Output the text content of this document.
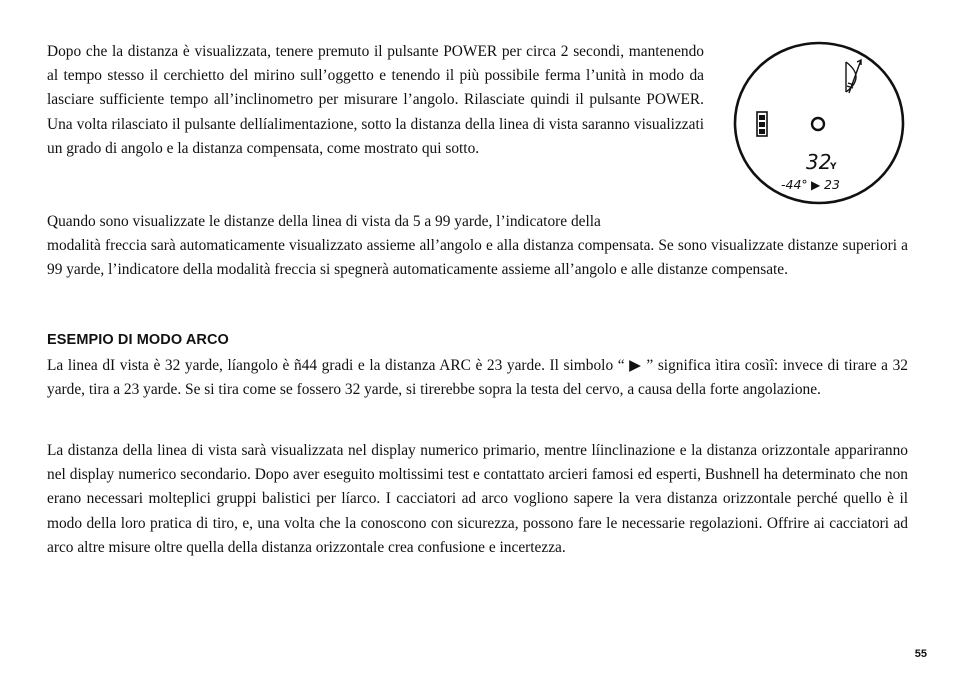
Dopo che la distanza è visualizzata, tenere premuto il pulsante POWER per circa 2 secondi, mantenendo al tempo stesso il cerchietto del mirino sull’oggetto e tenendo il più possibile ferma l’unità in modo da lasciare sufficiente tempo all’inclinometro per misurare l’angolo. Rilasciate quindi il pulsante POWER. Una volta rilasciato il pulsante dellíalimentazione, sotto la distanza della linea di vista saranno visualizzati un grado di angolo e la distanza compensata, come mostrato qui sotto.

32
Y
-44° ▶ 23

Quando sono visualizzate le distanze della linea di vista da 5 a 99 yarde, l’indicatore della

modalità freccia sarà automaticamente visualizzato assieme all’angolo e alla distanza compensata. Se sono visualizzate distanze superiori a 99 yarde, l’indicatore della modalità freccia si spegnerà automaticamente assieme all’angolo e alle distanze compensate.

ESEMPIO DI MODO ARCO

La linea dI vista è 32 yarde, líangolo è ñ44 gradi e la distanza ARC è 23 yarde. Il simbolo “ ▶ ” significa ìtira cosìî: invece di tirare a 32 yarde, tira a 23 yarde. Se si tira come se fossero 32 yarde, si tirerebbe sopra la testa del cervo, a causa della forte angolazione.

La distanza della linea di vista sarà visualizzata nel display numerico primario, mentre líinclinazione e la distanza orizzontale appariranno nel display numerico secondario. Dopo aver eseguito moltissimi test e contattato arcieri famosi ed esperti, Bushnell ha determinato che non erano necessari molteplici gruppi balistici per líarco. I cacciatori ad arco vogliono sapere la vera distanza orizzontale perché quello è il modo della loro pratica di tiro, e, una volta che la conoscono con sicurezza, possono fare le necessarie regolazioni. Offrire ai cacciatori ad arco altre misure oltre quella della distanza orizzontale crea confusione e incertezza.

55
